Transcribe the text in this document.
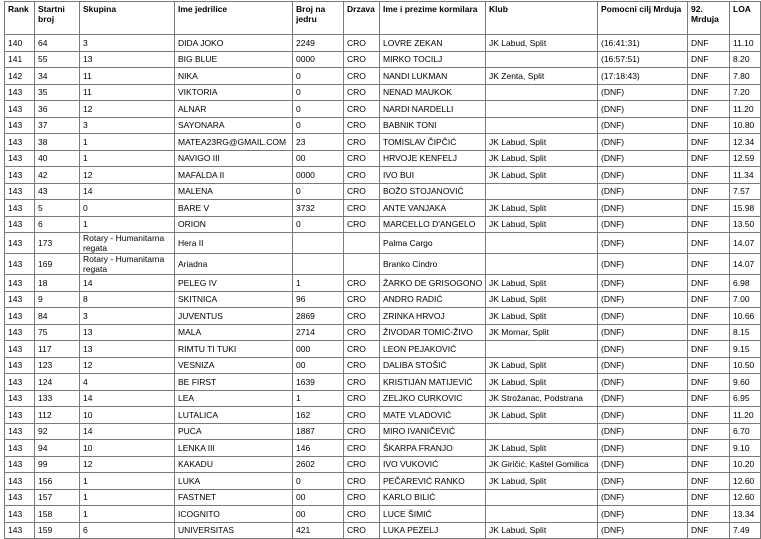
Rank	Startni broj	Skupina	Ime jedrilice	Broj na jedru	Drzava	Ime i prezime kormilara	Klub	Pomocni cilj Mrduja	92. Mrduja	LOA
140	64	3	DIDA JOKO	2249	CRO	LOVRE ZEKAN	JK Labud, Split	(16:41:31)	DNF	11.10
141	55	13	BIG BLUE	0000	CRO	MIRKO TOCILJ		(16:57:51)	DNF	8.20
142	34	11	NIKA	0	CRO	NANDI LUKMAN	JK Zenta, Split	(17:18:43)	DNF	7.80
143	35	11	VIKTORIA	0	CRO	NENAD MAUKOK		(DNF)	DNF	7.20
143	36	12	ALNAR	0	CRO	NARDI NARDELLI		(DNF)	DNF	11.20
143	37	3	SAYONARA	0	CRO	BABNIK TONI		(DNF)	DNF	10.80
143	38	1	MATEA23RG@GMAIL.COM	23	CRO	TOMISLAV ČIPČIĆ	JK Labud, Split	(DNF)	DNF	12.34
143	40	1	NAVIGO III	00	CRO	HRVOJE KENFELJ	JK Labud, Split	(DNF)	DNF	12.59
143	42	12	MAFALDA II	0000	CRO	IVO BUI	JK Labud, Split	(DNF)	DNF	11.34
143	43	14	MALENA	0	CRO	BOŽO STOJANOVIĆ		(DNF)	DNF	7.57
143	5	0	BARE V	3732	CRO	ANTE VANJAKA	JK Labud, Split	(DNF)	DNF	15.98
143	6	1	ORION	0	CRO	MARCELLO D'ANGELO	JK Labud, Split	(DNF)	DNF	13.50
143	173	Rotary - Humanitarna regata	Hera II			Palma Cargo		(DNF)	DNF	14.07
143	169	Rotary - Humanitarna regata	Ariadna			Branko Cindro		(DNF)	DNF	14.07
143	18	14	PELEG IV	1	CRO	ŽARKO DE GRISOGONO	JK Labud, Split	(DNF)	DNF	6.98
143	9	8	SKITNICA	96	CRO	ANDRO RADIĆ	JK Labud, Split	(DNF)	DNF	7.00
143	84	3	JUVENTUS	2869	CRO	ZRINKA HRVOJ	JK Labud, Split	(DNF)	DNF	10.66
143	75	13	MALA	2714	CRO	ŽIVODAR TOMIĆ-ŽIVO	JK Mornar, Split	(DNF)	DNF	8.15
143	117	13	RIMTU TI TUKI	000	CRO	LEON PEJAKOVIĆ		(DNF)	DNF	9.15
143	123	12	VESNIZA	00	CRO	DALIBA STOŠIĆ	JK Labud, Split	(DNF)	DNF	10.50
143	124	4	BE FIRST	1639	CRO	KRISTIJAN MATIJEVIĆ	JK Labud, Split	(DNF)	DNF	9.60
143	133	14	LEA	1	CRO	ZELJKO CURKOVIC	JK Strožanac, Podstrana	(DNF)	DNF	6.95
143	112	10	LUTALICA	162	CRO	MATE VLADOVIĆ	JK Labud, Split	(DNF)	DNF	11.20
143	92	14	PUCA	1887	CRO	MIRO IVANIČEVIĆ		(DNF)	DNF	6.70
143	94	10	LENKA III	146	CRO	ŠKARPA FRANJO	JK Labud, Split	(DNF)	DNF	9.10
143	99	12	KAKADU	2602	CRO	IVO VUKOVIĆ	JK Giričić, Kaštel Gomilica	(DNF)	DNF	10.20
143	156	1	LUKA	0	CRO	PEČAREVIĆ RANKO	JK Labud, Split	(DNF)	DNF	12.60
143	157	1	FASTNET	00	CRO	KARLO BILIĆ		(DNF)	DNF	12.60
143	158	1	ICOGNITO	00	CRO	LUCE ŠIMIĆ		(DNF)	DNF	13.34
143	159	6	UNIVERSITAS	421	CRO	LUKA PEZELJ	JK Labud, Split	(DNF)	DNF	7.49
